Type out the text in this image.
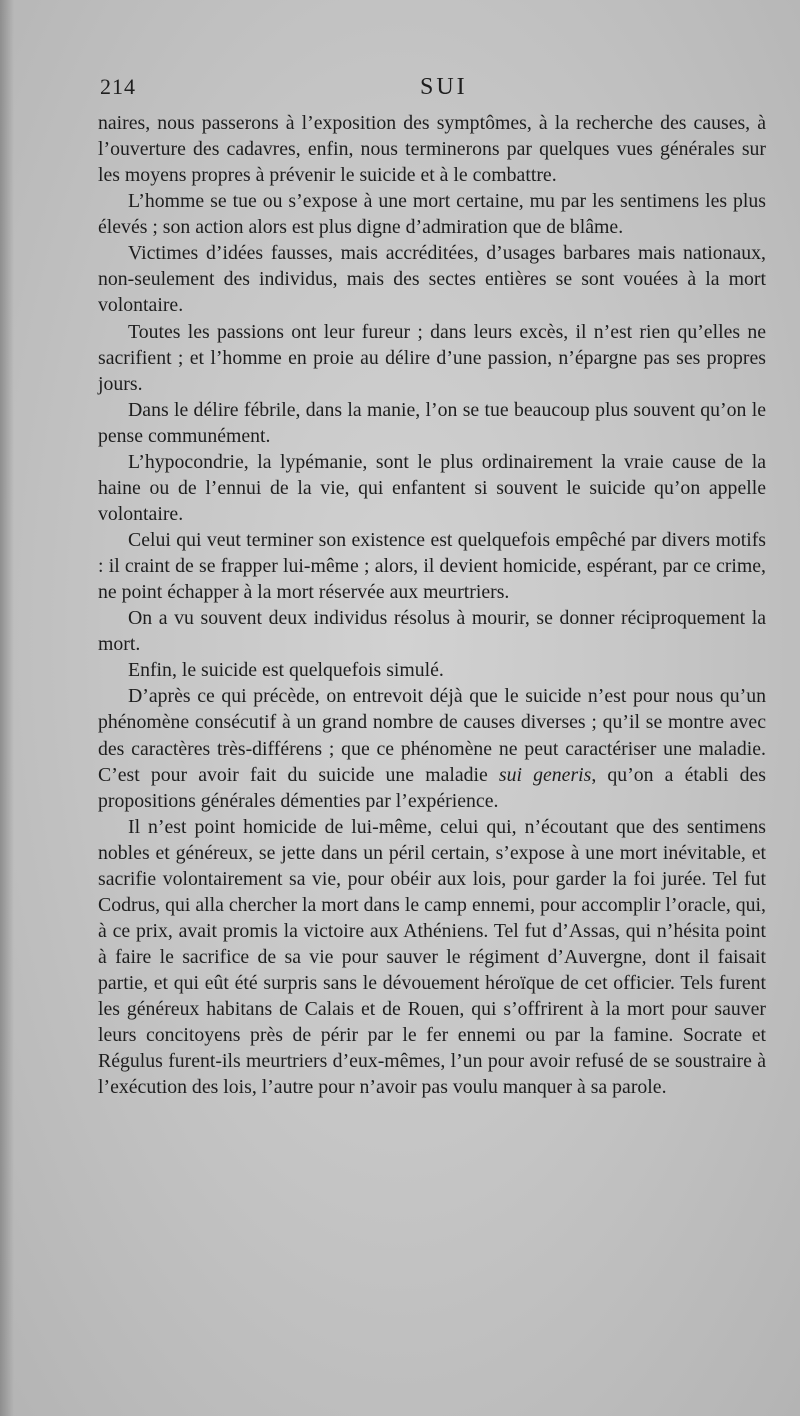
214	SUI

naires, nous passerons à l’exposition des symptômes, à la recherche des causes, à l’ouverture des cadavres, enfin, nous terminerons par quelques vues générales sur les moyens propres à prévenir le suicide et à le combattre.

L’homme se tue ou s’expose à une mort certaine, mu par les sentimens les plus élevés ; son action alors est plus digne d’admiration que de blâme.

Victimes d’idées fausses, mais accréditées, d’usages barbares mais nationaux, non-seulement des individus, mais des sectes entières se sont vouées à la mort volontaire.

Toutes les passions ont leur fureur ; dans leurs excès, il n’est rien qu’elles ne sacrifient ; et l’homme en proie au délire d’une passion, n’épargne pas ses propres jours.

Dans le délire fébrile, dans la manie, l’on se tue beaucoup plus souvent qu’on le pense communément.

L’hypocondrie, la lypémanie, sont le plus ordinairement la vraie cause de la haine ou de l’ennui de la vie, qui enfantent si souvent le suicide qu’on appelle volontaire.

Celui qui veut terminer son existence est quelquefois empêché par divers motifs : il craint de se frapper lui-même ; alors, il devient homicide, espérant, par ce crime, ne point échapper à la mort réservée aux meurtriers.

On a vu souvent deux individus résolus à mourir, se donner réciproquement la mort.

Enfin, le suicide est quelquefois simulé.

D’après ce qui précède, on entrevoit déjà que le suicide n’est pour nous qu’un phénomène consécutif à un grand nombre de causes diverses ; qu’il se montre avec des caractères très-différens ; que ce phénomène ne peut caractériser une maladie. C’est pour avoir fait du suicide une maladie sui generis, qu’on a établi des propositions générales démenties par l’expérience.

Il n’est point homicide de lui-même, celui qui, n’écoutant que des sentimens nobles et généreux, se jette dans un péril certain, s’expose à une mort inévitable, et sacrifie volontairement sa vie, pour obéir aux lois, pour garder la foi jurée. Tel fut Codrus, qui alla chercher la mort dans le camp ennemi, pour accomplir l’oracle, qui, à ce prix, avait promis la victoire aux Athéniens. Tel fut d’Assas, qui n’hésita point à faire le sacrifice de sa vie pour sauver le régiment d’Auvergne, dont il faisait partie, et qui eût été surpris sans le dévouement héroïque de cet officier. Tels furent les généreux habitans de Calais et de Rouen, qui s’offrirent à la mort pour sauver leurs concitoyens près de périr par le fer ennemi ou par la famine. Socrate et Régulus furent-ils meurtriers d’eux-mêmes, l’un pour avoir refusé de se soustraire à l’exécution des lois, l’autre pour n’avoir pas voulu manquer à sa parole.
